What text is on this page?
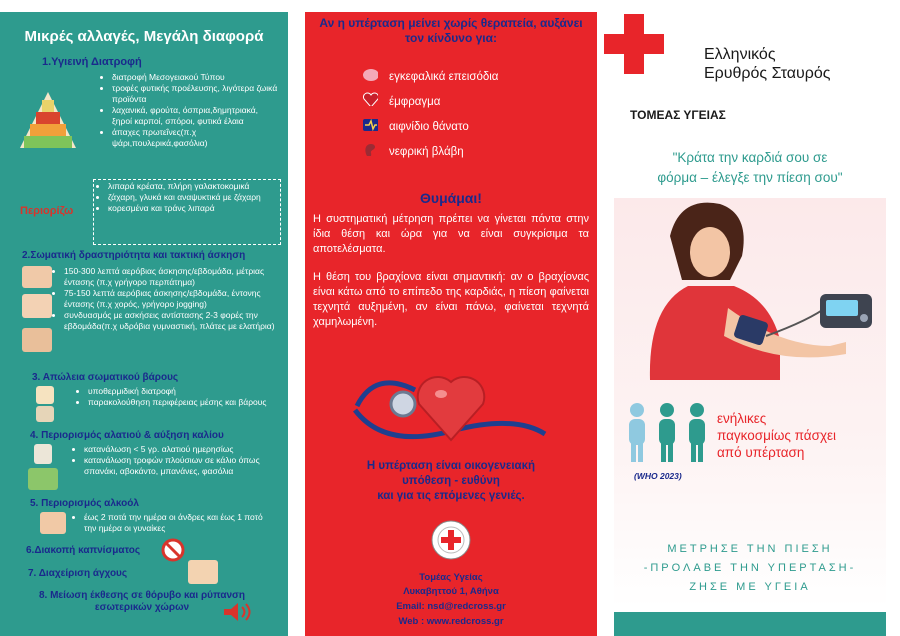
Μικρές αλλαγές, Μεγάλη διαφορά
1.Υγιεινή Διατροφή
• διατροφή Μεσογειακού Τύπου
• τροφές φυτικής προέλευσης, λιγότερα ζωικά προϊόντα
• λαχανικά, φρούτα, όσπρια,δημητριακά, ξηροί καρποί, σπόροι, φυτικά έλαια
• άπαχες πρωτεΐνες(π.χ ψάρι,πουλερικά,φασόλια)
Περιορίζω
• λιπαρά κρέατα, πλήρη γαλακτοκομικά
• ζάχαρη, γλυκά και αναψυκτικά με ζάχαρη
• κορεσμένα και τράνς λιπαρά
2.Σωματική δραστηριότητα και τακτική άσκηση
• 150-300 λεπτά αερόβιας άσκησης/εβδομάδα, μέτριας έντασης (π.χ γρήγορο περπάτημα)
• 75-150 λεπτά αερόβιας άσκησης/εβδομάδα, έντονης έντασης (π.χ χορός, γρήγορο jogging)
• συνδυασμός με ασκήσεις αντίστασης 2-3 φορές την εβδομάδα(π.χ υδρόβια γυμναστική, πλάτες με ελατήρια)
3. Απώλεια σωματικού βάρους
• υποθερμιδική διατροφή
• παρακολούθηση περιφέρειας μέσης και βάρους
4. Περιορισμός αλατιού & αύξηση καλίου
• κατανάλωση < 5 γρ. αλατιού ημερησίως
• κατανάλωση τροφών πλούσιων σε κάλιο όπως σπανάκι, αβοκάντο, μπανάνες, φασόλια
5. Περιορισμός αλκοόλ
• έως 2 ποτά την ημέρα οι άνδρες και έως 1 ποτό την ημέρα οι γυναίκες
6.Διακοπή καπνίσματος
7. Διαχείριση άγχους
8. Μείωση έκθεσης σε θόρυβο και ρύπανση εσωτερικών χώρων
Αν η υπέρταση μείνει χωρίς θεραπεία, αυξάνει τον κίνδυνο για:
εγκεφαλικά επεισόδια
έμφραγμα
αιφνίδιο θάνατο
νεφρική βλάβη
Θυμάμαι!
Η συστηματική μέτρηση πρέπει να γίνεται πάντα στην ίδια θέση και ώρα για να είναι συγκρίσιμα τα αποτελέσματα.
Η θέση του βραχίονα είναι σημαντική: αν ο βραχίονας είναι κάτω από το επίπεδο της καρδιάς, η πίεση φαίνεται τεχνητά αυξημένη, αν είναι πάνω, φαίνεται τεχνητά χαμηλωμένη.
Η υπέρταση είναι οικογενειακή
υπόθεση - ευθύνη
και για τις επόμενες γενιές.
Τομέας Υγείας
Λυκαβηττού 1, Αθήνα
Email: nsd@redcross.gr
Web : www.redcross.gr
Ελληνικός
Ερυθρός Σταυρός
ΤΟΜΕΑΣ ΥΓΕΙΑΣ
"Κράτα την καρδιά σου σε
φόρμα – έλεγξε την πίεση σου"
ενήλικες
παγκοσμίως πάσχει
από υπέρταση
(WHO 2023)
ΜΕΤΡΗΣΕ ΤΗΝ ΠΙΕΣΗ
-ΠΡΟΛΑΒΕ ΤΗΝ ΥΠΕΡΤΑΣΗ-
ΖΗΣΕ ΜΕ ΥΓΕΙΑ
